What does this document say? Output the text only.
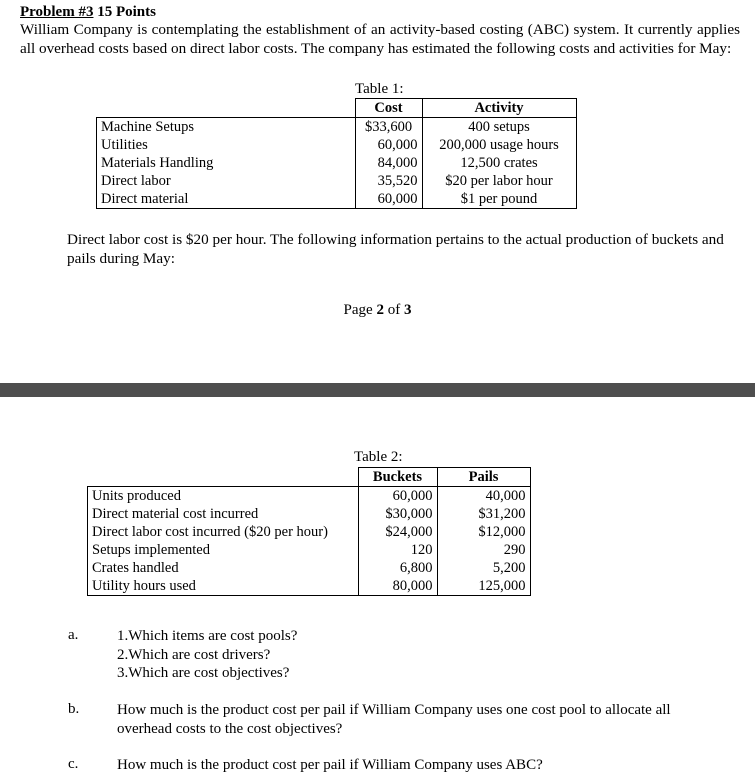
Problem #3 15 Points
William Company is contemplating the establishment of an activity-based costing (ABC) system. It currently applies all overhead costs based on direct labor costs. The company has estimated the following costs and activities for May:
Table 1:
	Cost	Activity
Machine Setups	$33,600	400 setups
Utilities	60,000	200,000 usage hours
Materials Handling	84,000	12,500 crates
Direct labor	35,520	$20 per labor hour
Direct material	60,000	$1 per pound
Direct labor cost is $20 per hour. The following information pertains to the actual production of buckets and pails during May:
Page 2 of 3
Table 2:
	Buckets	Pails
Units produced	60,000	40,000
Direct material cost incurred	$30,000	$31,200
Direct labor cost incurred ($20 per hour)	$24,000	$12,000
Setups implemented	120	290
Crates handled	6,800	5,200
Utility hours used	80,000	125,000
a.	1.Which items are cost pools?
2.Which are cost drivers?
3.Which are cost objectives?
b.	How much is the product cost per pail if William Company uses one cost pool to allocate all overhead costs to the cost objectives?
c.	How much is the product cost per pail if William Company uses ABC?
